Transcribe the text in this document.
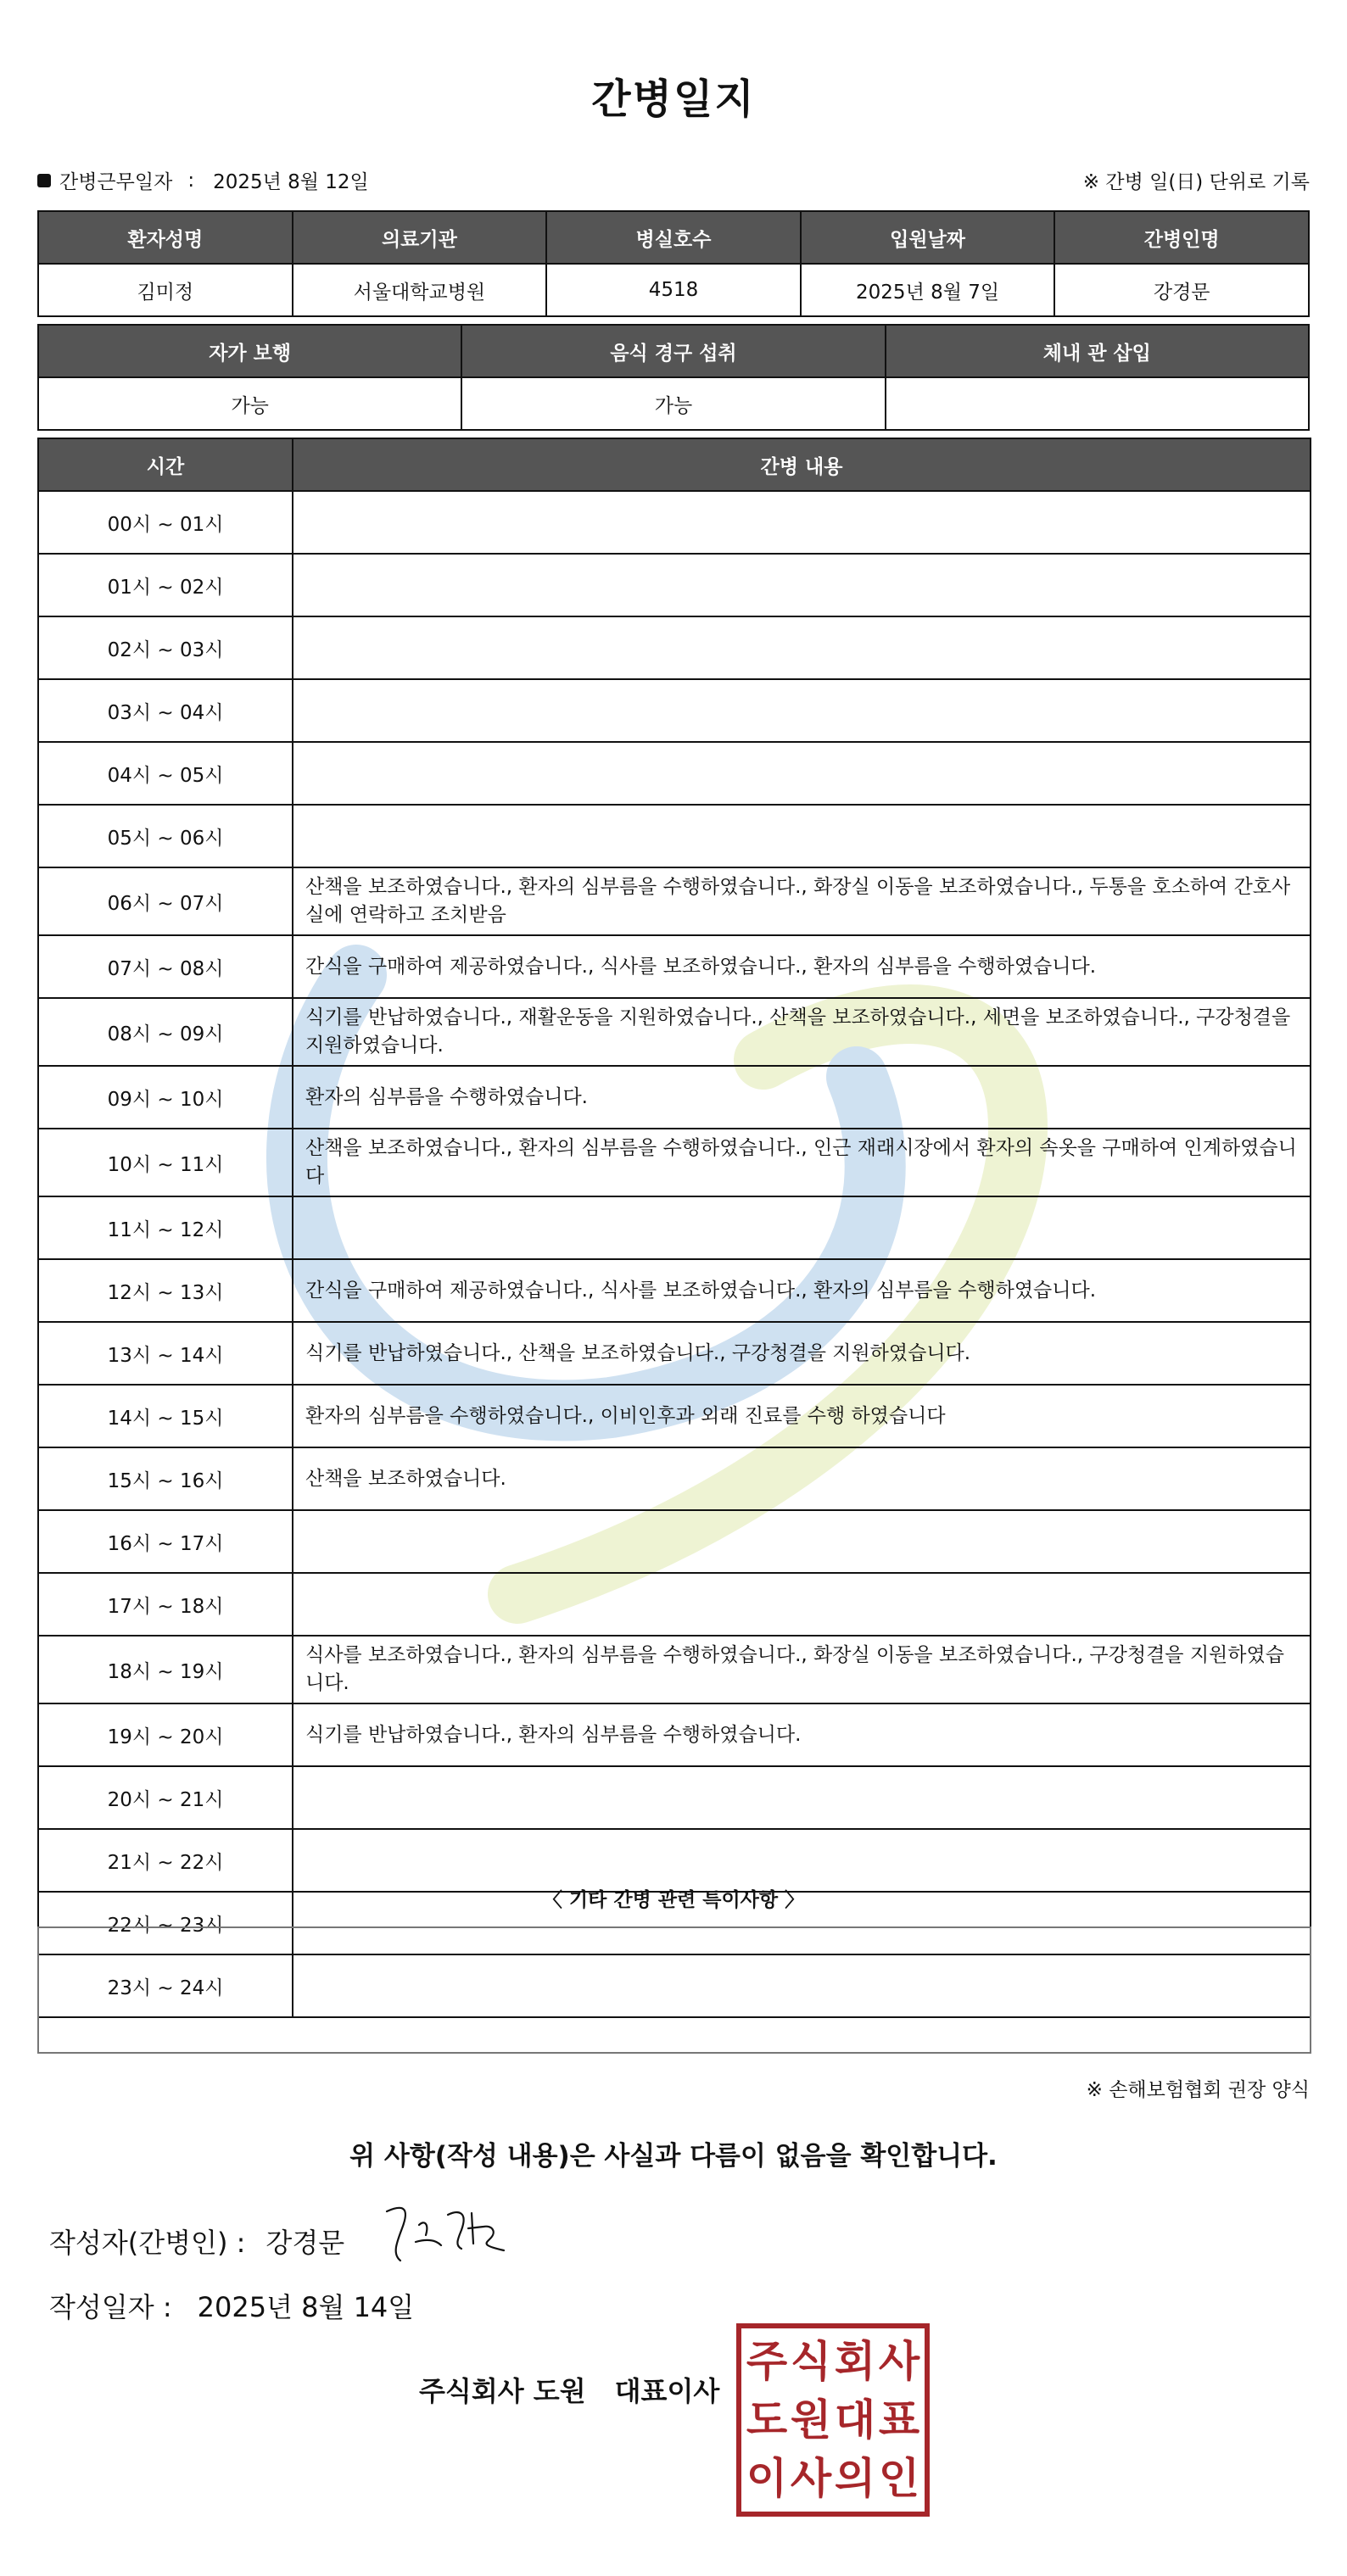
간병일지
간병근무일자 : 2025년 8월 12일	※ 간병 일(日) 단위로 기록
환자성명	의료기관	병실호수	입원날짜	간병인명
김미정	서울대학교병원	4518	2025년 8월 7일	강경문
자가 보행	음식 경구 섭취	체내 관 삽입
가능	가능	
시간	간병 내용
00시 ~ 01시	
01시 ~ 02시	
02시 ~ 03시	
03시 ~ 04시	
04시 ~ 05시	
05시 ~ 06시	
06시 ~ 07시	산책을 보조하였습니다., 환자의 심부름을 수행하였습니다., 화장실 이동을 보조하였습니다., 두통을 호소하여 간호사실에 연락하고 조치받음
07시 ~ 08시	간식을 구매하여 제공하였습니다., 식사를 보조하였습니다., 환자의 심부름을 수행하였습니다.
08시 ~ 09시	식기를 반납하였습니다., 재활운동을 지원하였습니다., 산책을 보조하였습니다., 세면을 보조하였습니다., 구강청결을 지원하였습니다.
09시 ~ 10시	환자의 심부름을 수행하였습니다.
10시 ~ 11시	산책을 보조하였습니다., 환자의 심부름을 수행하였습니다., 인근 재래시장에서 환자의 속옷을 구매하여 인계하였습니다
11시 ~ 12시	
12시 ~ 13시	간식을 구매하여 제공하였습니다., 식사를 보조하였습니다., 환자의 심부름을 수행하였습니다.
13시 ~ 14시	식기를 반납하였습니다., 산책을 보조하였습니다., 구강청결을 지원하였습니다.
14시 ~ 15시	환자의 심부름을 수행하였습니다., 이비인후과 외래 진료를 수행 하였습니다
15시 ~ 16시	산책을 보조하였습니다.
16시 ~ 17시	
17시 ~ 18시	
18시 ~ 19시	식사를 보조하였습니다., 환자의 심부름을 수행하였습니다., 화장실 이동을 보조하였습니다., 구강청결을 지원하였습니다.
19시 ~ 20시	식기를 반납하였습니다., 환자의 심부름을 수행하였습니다.
20시 ~ 21시	
21시 ~ 22시	
22시 ~ 23시	
23시 ~ 24시	
〈 기타 간병 관련 특이사항 〉
※ 손해보험협회 권장 양식
위 사항(작성 내용)은 사실과 다름이 없음을 확인합니다.
작성자(간병인) : 강경문
작성일자 : 2025년 8월 14일
주식회사 도원 대표이사
주 식 회 사
도 원 대 표
이 사 의 인
